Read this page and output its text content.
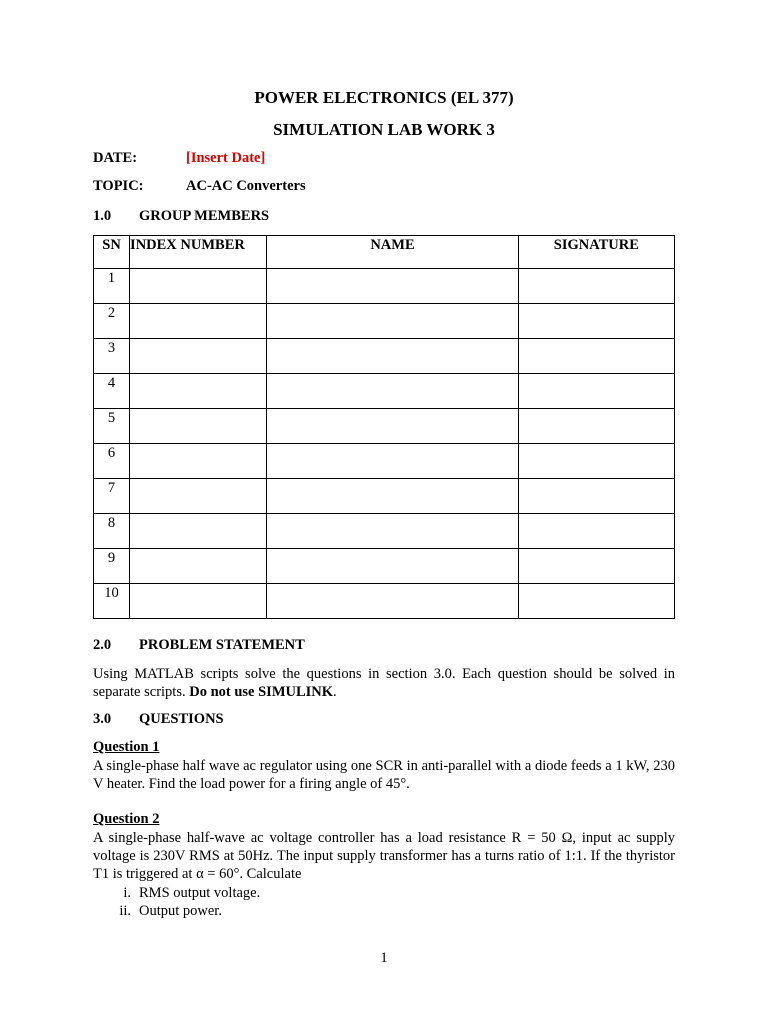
POWER ELECTRONICS (EL 377)
SIMULATION LAB WORK 3
DATE:	[Insert Date]
TOPIC:	AC-AC Converters
1.0 GROUP MEMBERS
SN	INDEX NUMBER	NAME	SIGNATURE
1			
2			
3			
4			
5			
6			
7			
8			
9			
10			
2.0 PROBLEM STATEMENT
Using MATLAB scripts solve the questions in section 3.0. Each question should be solved in separate scripts. Do not use SIMULINK.
3.0 QUESTIONS
Question 1
A single-phase half wave ac regulator using one SCR in anti-parallel with a diode feeds a 1 kW, 230 V heater. Find the load power for a firing angle of 45°.
Question 2
A single-phase half-wave ac voltage controller has a load resistance R = 50 Ω, input ac supply voltage is 230V RMS at 50Hz. The input supply transformer has a turns ratio of 1:1. If the thyristor T1 is triggered at α = 60°. Calculate
i. RMS output voltage.
ii. Output power.
1
